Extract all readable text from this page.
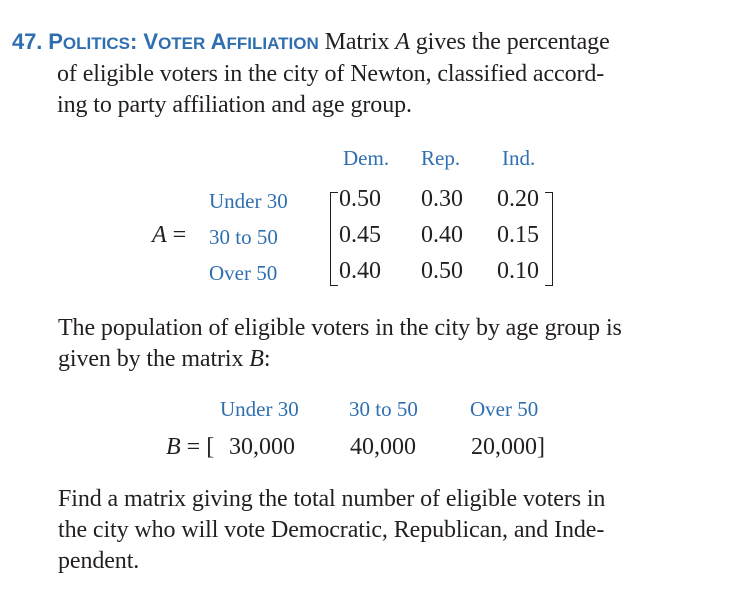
47. POLITICS: VOTER AFFILIATION Matrix A gives the percentage
of eligible voters in the city of Newton, classified accord-
ing to party affiliation and age group.
Dem. Rep. Ind.
Under 30
30 to 50
Over 50
A =
0.50 0.30 0.20
0.45 0.40 0.15
0.40 0.50 0.10
The population of eligible voters in the city by age group is
given by the matrix B:
Under 30 30 to 50 Over 50
B = [ 30,000 40,000 20,000]
Find a matrix giving the total number of eligible voters in
the city who will vote Democratic, Republican, and Inde-
pendent.
